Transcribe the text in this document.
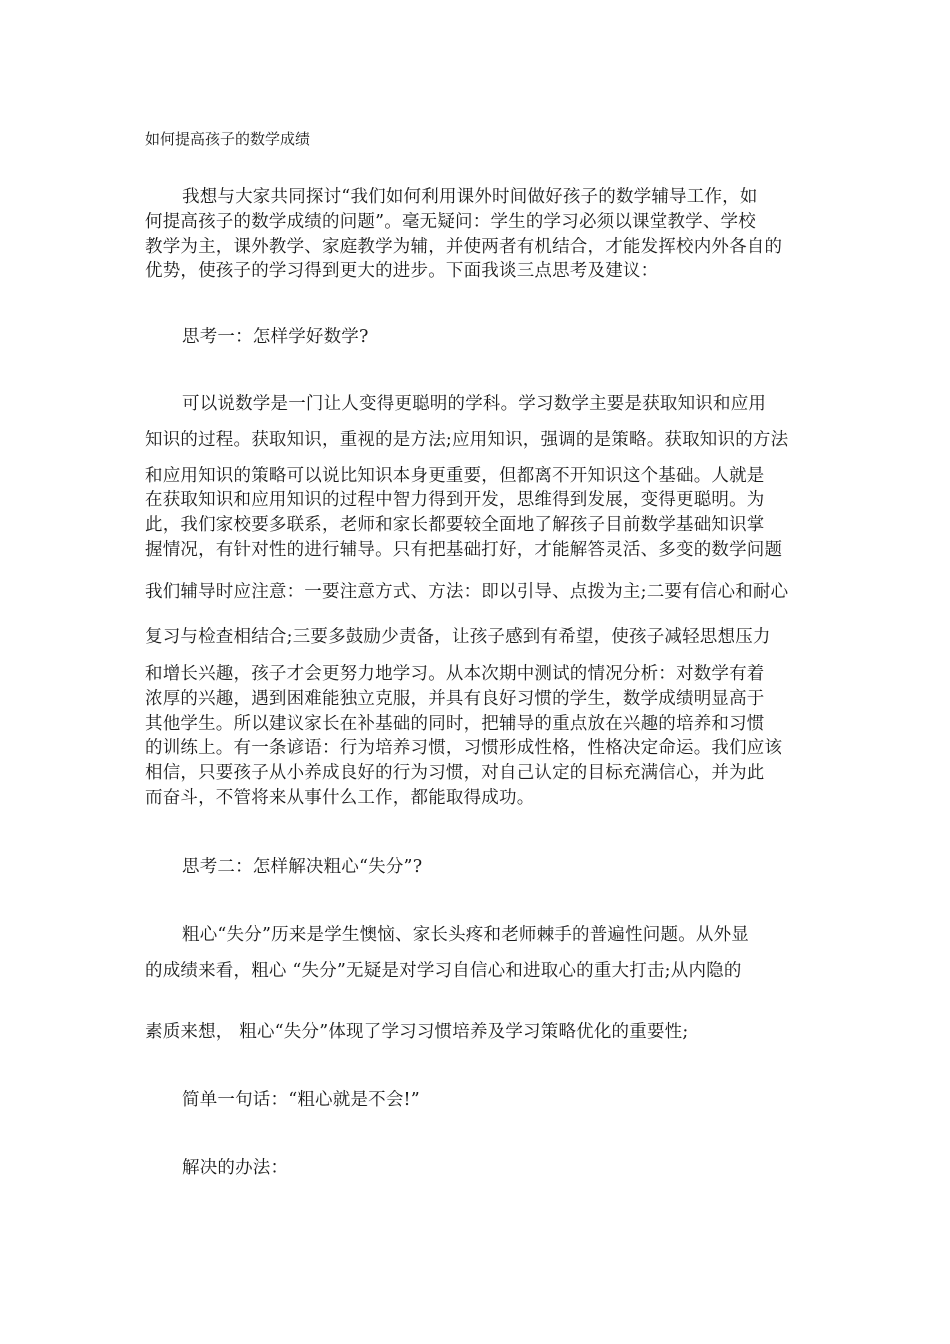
如何提高孩子的数学成绩
我想与大家共同探讨“我们如何利用课外时间做好孩子的数学辅导工作，如
何提高孩子的数学成绩的问题”。毫无疑问：学生的学习必须以课堂教学、学校
教学为主，课外教学、家庭教学为辅，并使两者有机结合，才能发挥校内外各自的
优势，使孩子的学习得到更大的进步。下面我谈三点思考及建议：
思考一：怎样学好数学?
可以说数学是一门让人变得更聪明的学科。学习数学主要是获取知识和应用
知识的过程。获取知识，重视的是方法;应用知识，强调的是策略。获取知识的方法
和应用知识的策略可以说比知识本身更重要，但都离不开知识这个基础。人就是
在获取知识和应用知识的过程中智力得到开发，思维得到发展，变得更聪明。为
此，我们家校要多联系，老师和家长都要较全面地了解孩子目前数学基础知识掌
握情况，有针对性的进行辅导。只有把基础打好，才能解答灵活、多变的数学问题
我们辅导时应注意：一要注意方式、方法：即以引导、点拨为主;二要有信心和耐心
复习与检查相结合;三要多鼓励少责备，让孩子感到有希望，使孩子减轻思想压力
和增长兴趣，孩子才会更努力地学习。从本次期中测试的情况分析：对数学有着
浓厚的兴趣，遇到困难能独立克服，并具有良好习惯的学生，数学成绩明显高于
其他学生。所以建议家长在补基础的同时，把辅导的重点放在兴趣的培养和习惯
的训练上。有一条谚语：行为培养习惯，习惯形成性格，性格决定命运。我们应该
相信，只要孩子从小养成良好的行为习惯，对自己认定的目标充满信心，并为此
而奋斗，不管将来从事什么工作，都能取得成功。
思考二：怎样解决粗心“失分”?
粗心“失分”历来是学生懊恼、家长头疼和老师棘手的普遍性问题。从外显
的成绩来看，粗心 “失分”无疑是对学习自信心和进取心的重大打击;从内隐的
素质来想， 粗心“失分”体现了学习习惯培养及学习策略优化的重要性;
简单一句话：“粗心就是不会!”
解决的办法：
